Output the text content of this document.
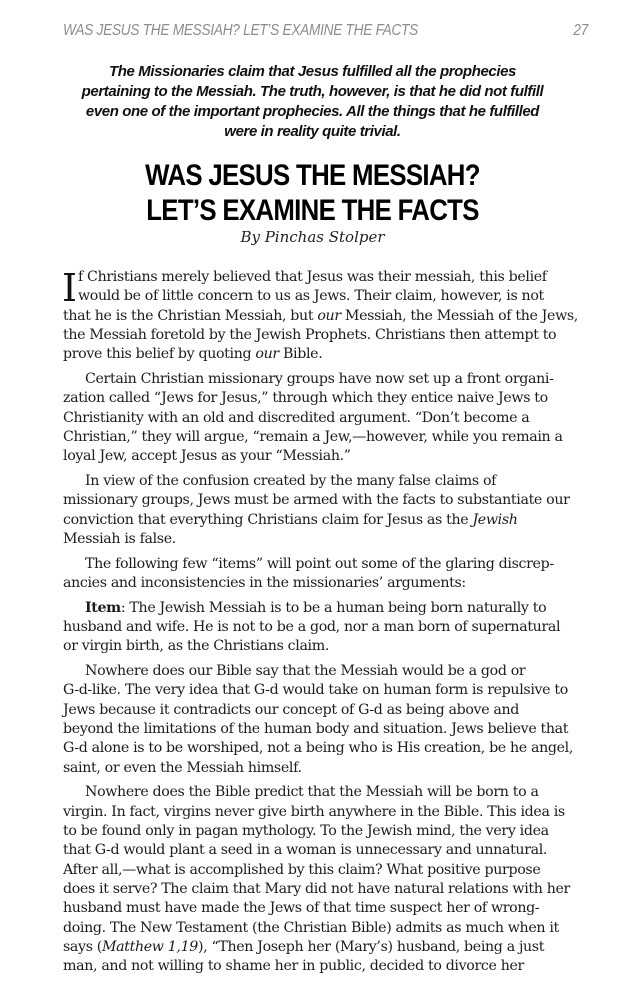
WAS JESUS THE MESSIAH? LET’S EXAMINE THE FACTS	27
The Missionaries claim that Jesus fulfilled all the prophecies
pertaining to the Messiah. The truth, however, is that he did not fulfill
even one of the important prophecies. All the things that he fulfilled
were in reality quite trivial.
WAS JESUS THE MESSIAH?
LET’S EXAMINE THE FACTS
By Pinchas Stolper
I f Christians merely believed that Jesus was their messiah, this belief
would be of little concern to us as Jews. Their claim, however, is not
that he is the Christian Messiah, but our Messiah, the Messiah of the Jews,
the Messiah foretold by the Jewish Prophets. Christians then attempt to
prove this belief by quoting our Bible.
Certain Christian missionary groups have now set up a front organi-
zation called “Jews for Jesus,” through which they entice naive Jews to
Christianity with an old and discredited argument. “Don’t become a
Christian,” they will argue, “remain a Jew,—however, while you remain a
loyal Jew, accept Jesus as your “Messiah.”
In view of the confusion created by the many false claims of
missionary groups, Jews must be armed with the facts to substantiate our
conviction that everything Christians claim for Jesus as the Jewish
Messiah is false.
The following few “items” will point out some of the glaring discrep-
ancies and inconsistencies in the missionaries’ arguments:
Item: The Jewish Messiah is to be a human being born naturally to
husband and wife. He is not to be a god, nor a man born of supernatural
or virgin birth, as the Christians claim.
Nowhere does our Bible say that the Messiah would be a god or
G-d-like. The very idea that G-d would take on human form is repulsive to
Jews because it contradicts our concept of G-d as being above and
beyond the limitations of the human body and situation. Jews believe that
G-d alone is to be worshiped, not a being who is His creation, be he angel,
saint, or even the Messiah himself.
Nowhere does the Bible predict that the Messiah will be born to a
virgin. In fact, virgins never give birth anywhere in the Bible. This idea is
to be found only in pagan mythology. To the Jewish mind, the very idea
that G-d would plant a seed in a woman is unnecessary and unnatural.
After all,—what is accomplished by this claim? What positive purpose
does it serve? The claim that Mary did not have natural relations with her
husband must have made the Jews of that time suspect her of wrong-
doing. The New Testament (the Christian Bible) admits as much when it
says (Matthew 1,19), “Then Joseph her (Mary’s) husband, being a just
man, and not willing to shame her in public, decided to divorce her
